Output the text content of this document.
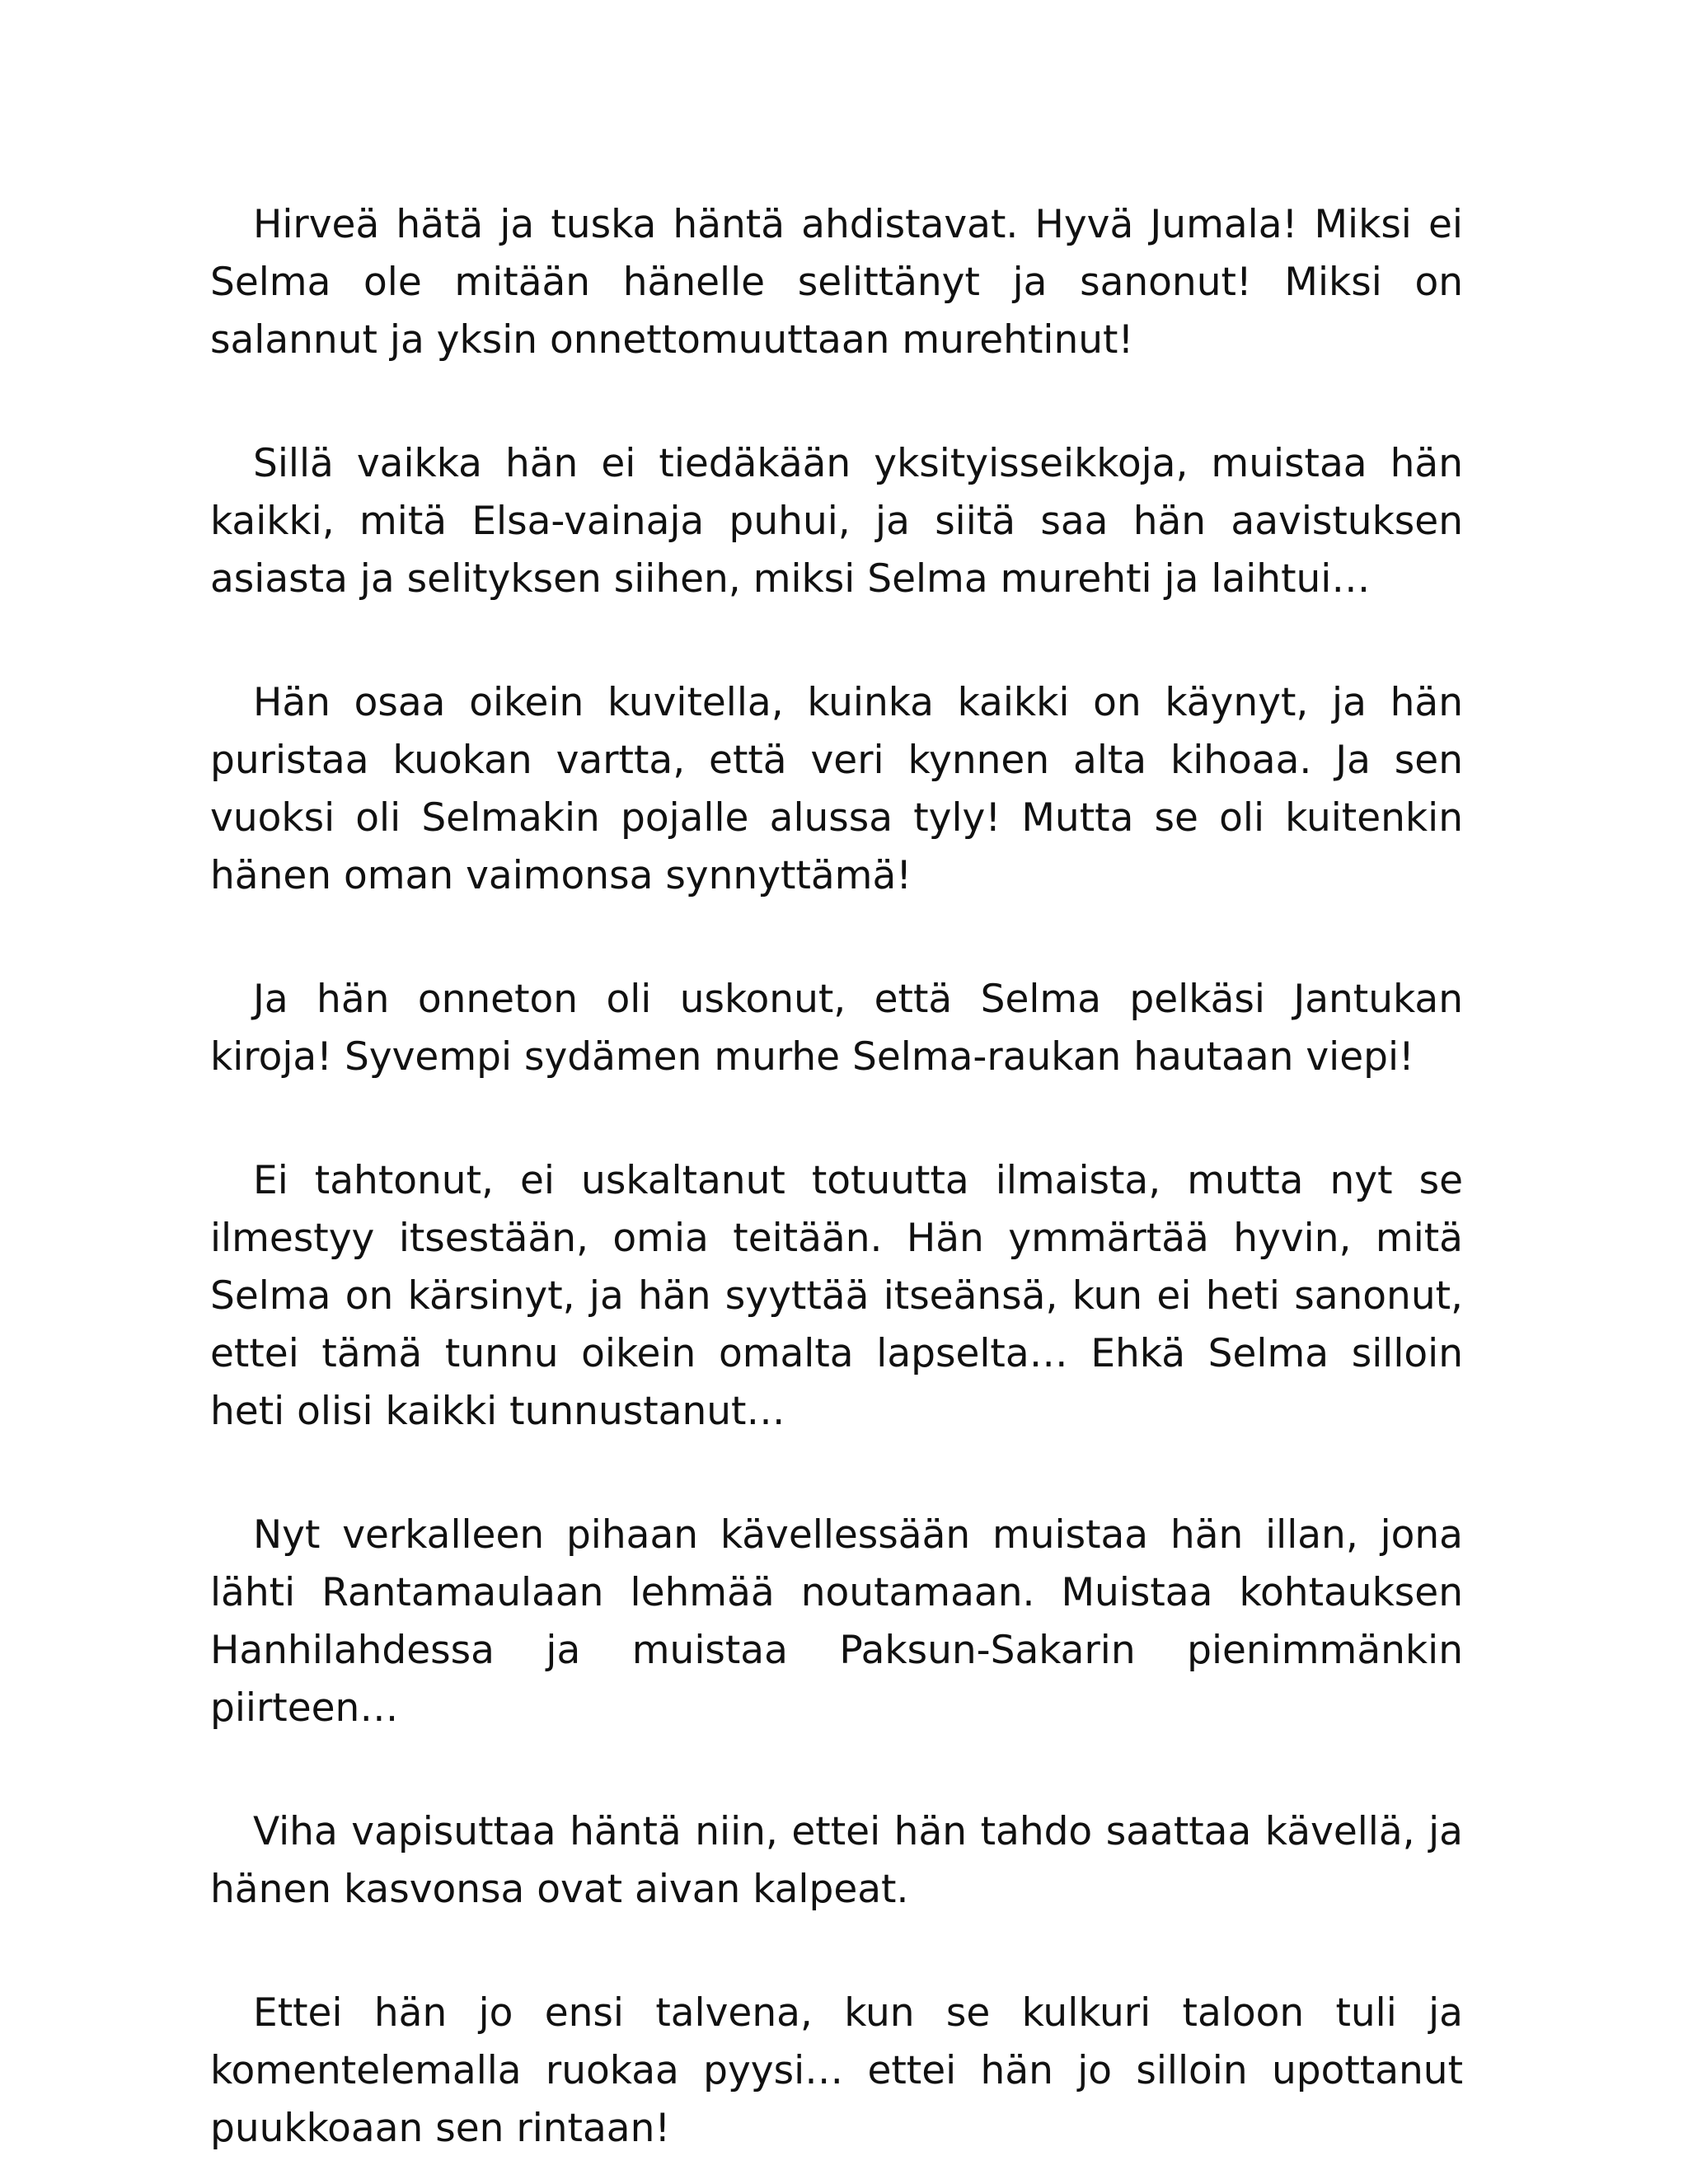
Hirveä hätä ja tuska häntä ahdistavat. Hyvä Jumala! Miksi ei Selma ole mitään hänelle selittänyt ja sanonut! Miksi on salannut ja yksin onnettomuuttaan murehtinut!

Sillä vaikka hän ei tiedäkään yksityisseikkoja, muistaa hän kaikki, mitä Elsa-vainaja puhui, ja siitä saa hän aavistuksen asiasta ja selityksen siihen, miksi Selma murehti ja laihtui…

Hän osaa oikein kuvitella, kuinka kaikki on käynyt, ja hän puristaa kuokan vartta, että veri kynnen alta kihoaa. Ja sen vuoksi oli Selmakin pojalle alussa tyly! Mutta se oli kuitenkin hänen oman vaimonsa synnyttämä!

Ja hän onneton oli uskonut, että Selma pelkäsi Jantukan kiroja! Syvempi sydämen murhe Selma-raukan hautaan viepi!

Ei tahtonut, ei uskaltanut totuutta ilmaista, mutta nyt se ilmestyy itsestään, omia teitään. Hän ymmärtää hyvin, mitä Selma on kärsinyt, ja hän syyttää itseänsä, kun ei heti sanonut, ettei tämä tunnu oikein omalta lapselta… Ehkä Selma silloin heti olisi kaikki tunnustanut…

Nyt verkalleen pihaan kävellessään muistaa hän illan, jona lähti Rantamaulaan lehmää noutamaan. Muistaa kohtauksen Hanhilahdessa ja muistaa Paksun-Sakarin pienimmänkin piirteen…

Viha vapisuttaa häntä niin, ettei hän tahdo saattaa kävellä, ja hänen kasvonsa ovat aivan kalpeat.

Ettei hän jo ensi talvena, kun se kulkuri taloon tuli ja komentelemalla ruokaa pyysi… ettei hän jo silloin upottanut puukkoaan sen rintaan!
